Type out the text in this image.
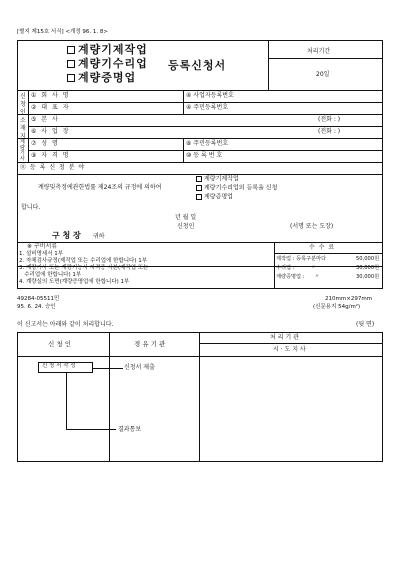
[별지 제15호 서식] <개정 96. 1. 8>
처리기간
20일
계량기제작업
계량기수리업
계량증명업
등록신청서
신청인
소재지
계량기사
① 회 사 명	④ 사업자등록번호
② 대 표 자	④ 주민등록번호
⑤ 본 사	(전화 : )
⑥ 사 업 장	(전화 : )
⑦ 성 명	⑧ 주민등록번호
⑨ 자 격 명	⑩ 등 록 번 호
⑪ 등 록 신 청 분 야
계량및측정에관한법률 제24조의 규정에 의하여
계량기제작업
계량기수리업의 등록을 신청
계량증명업
합니다.
년 월 일
신청인	(서명 또는 도장)
구 청 장 귀하
※ 구비서류
1. 설비명세서 1부
2. 자체검사규정(제작업 또는 수리업에 한합니다) 1부
3. 계량기사 또는 계량기능사 자격증 사본(제작업 또는
수리업에 한합니다) 1부
4. 계량실의 도면(계량증명업에 한합니다) 1부
수 수 료
제작업 : 등록구분마다	50,000원
수리업 :          〃	30,000원
계량증명업 :      〃	30,000원
49284-05511민
95. 6. 24. 승인
210mm×297mm
(신문용지 54g/m²)
이 신고서는 아래와 같이 처리합니다.	(뒷 면)
신 청 인	경 유 기 관
처 리 기 관
시 · 도 지 사
신 청 서 작 성	신청서 제출
결과통보
